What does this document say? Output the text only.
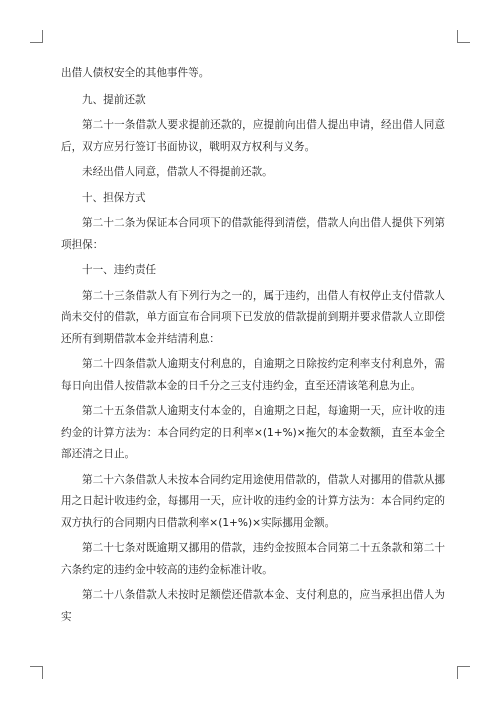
出借人债权安全的其他事件等。

九、提前还款

第二十一条借款人要求提前还款的，应提前向出借人提出申请，经出借人同意后，双方应另行签订书面协议，戦明双方权利与义务。

未经出借人同意，借款人不得提前还款。

十、担保方式

第二十二条为保证本合同项下的借款能得到清偿，借款人向出借人提供下列第项担保：

十一、违约责任

第二十三条借款人有下列行为之一的，属于违约，出借人有权停止支付借款人尚未交付的借款，单方面宣布合同项下已发放的借款提前到期并要求借款人立即偿还所有到期借款本金并结清利息：

第二十四条借款人逾期支付利息的，自逾期之日除按约定利率支付利息外，需每日向出借人按借款本金的日千分之三支付违约金，直至还清该笔利息为止。

第二十五条借款人逾期支付本金的，自逾期之日起，每逾期一天，应计收的违约金的计算方法为：本合同约定的日利率×(1+%)×拖欠的本金数额，直至本金全部还清之日止。

第二十六条借款人未按本合同约定用途使用借款的，借款人对挪用的借款从挪用之日起计收违约金，每挪用一天，应计收的违约金的计算方法为：本合同约定的双方执行的合同期内日借款利率×(1+%)×实际挪用金额。

第二十七条对既逾期又挪用的借款，违约金按照本合同第二十五条款和第二十六条约定的违约金中较高的违约金标准计收。

第二十八条借款人未按时足额偿还借款本金、支付利息的，应当承担出借人为实
